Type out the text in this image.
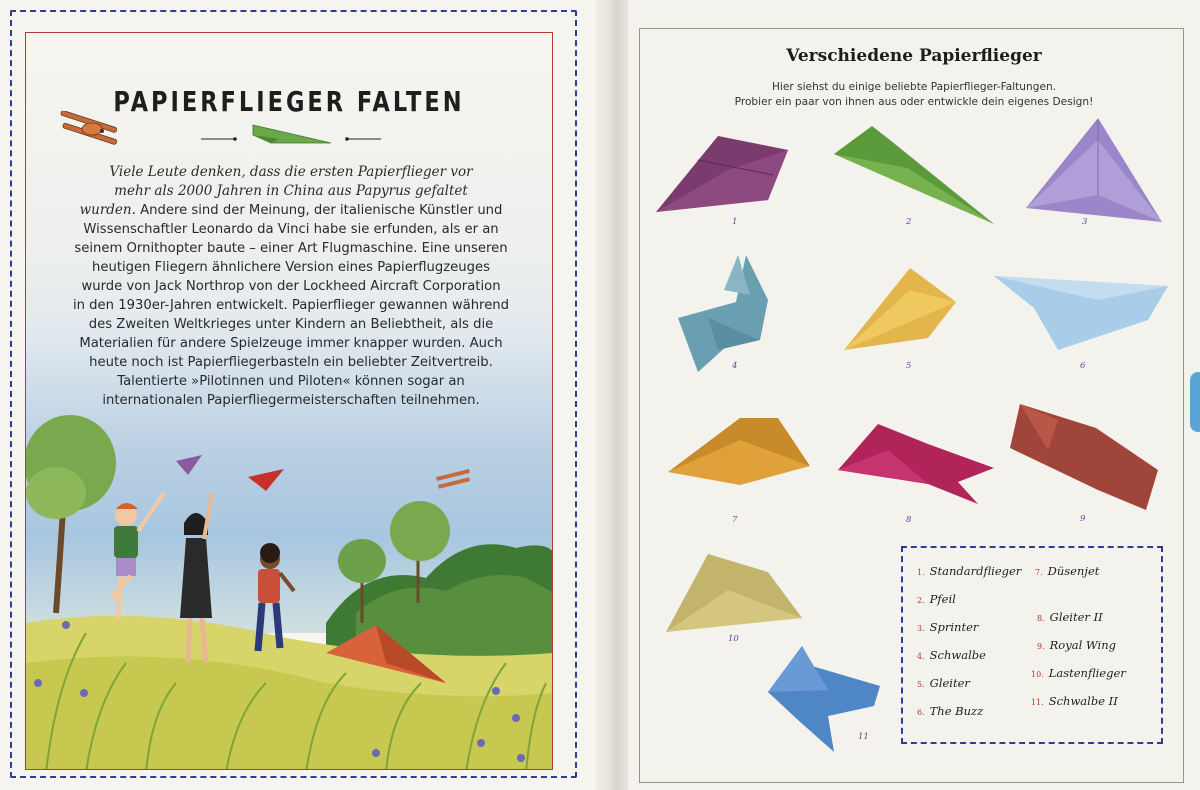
PAPIERFLIEGER FALTEN
Viele Leute denken, dass die ersten Papierflieger vor
mehr als 2000 Jahren in China aus Papyrus gefaltet
wurden. Andere sind der Meinung, der italienische Künstler und
Wissenschaftler Leonardo da Vinci habe sie erfunden, als er an
seinem Ornithopter baute – einer Art Flugmaschine. Eine unseren
heutigen Fliegern ähnlichere Version eines Papierflugzeuges
wurde von Jack Northrop von der Lockheed Aircraft Corporation
in den 1930er-Jahren entwickelt. Papierflieger gewannen während
des Zweiten Weltkrieges unter Kindern an Beliebtheit, als die
Materialien für andere Spielzeuge immer knapper wurden. Auch
heute noch ist Papierfliegerbasteln ein beliebter Zeitvertreib.
Talentierte »Pilotinnen und Piloten« können sogar an
internationalen Papierfliegermeisterschaften teilnehmen.
Verschiedene Papierflieger
Hier siehst du einige beliebte Papierflieger-Faltungen.
Probier ein paar von ihnen aus oder entwickle dein eigenes Design!
1	2	3
4	5	6
7	8	9
10
11
1. Standardflieger
2. Pfeil
3. Sprinter
4. Schwalbe
5. Gleiter
6. The Buzz
7. Düsenjet
8. Gleiter II
9. Royal Wing
10. Lastenflieger
11. Schwalbe II
